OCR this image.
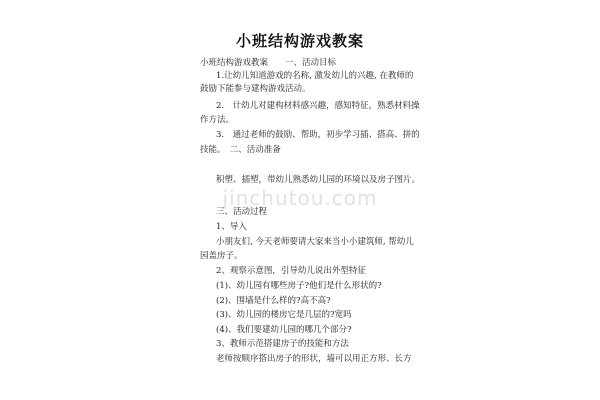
小班结构游戏教案
jinchutou.com
小班结构游戏教案　　一、活动目标
1.让幼儿知道游戏的名称, 激发幼儿的兴趣, 在教师的
鼓励下能参与建构游戏活动。
2.　计幼儿对建构材料感兴趣，感知特征，熟悉材料操
作方法。
3.　通过老师的鼓励、帮助，初步学习插、搭高、拼的
技能。　二、活动准备
积塑、插塑，带幼儿熟悉幼儿园的环境以及房子图片。
三、活动过程
1、导入
小朋友们, 今天老师要请大家来当小小建筑师, 帮幼儿
园盖房子。
2、观察示意图，引导幼儿说出外型特征
(1)、幼儿园有哪些房子?他们是什么形状的?
(2)、围墙是什么样的?高不高?
(3)、幼儿园的楼房它是几层的?宽吗
(4)、我们要建幼儿园的哪几个部分?
3、教师示范搭建房子的技能和方法
老师按顺序搭出房子的形状，墙可以用正方形、长方
